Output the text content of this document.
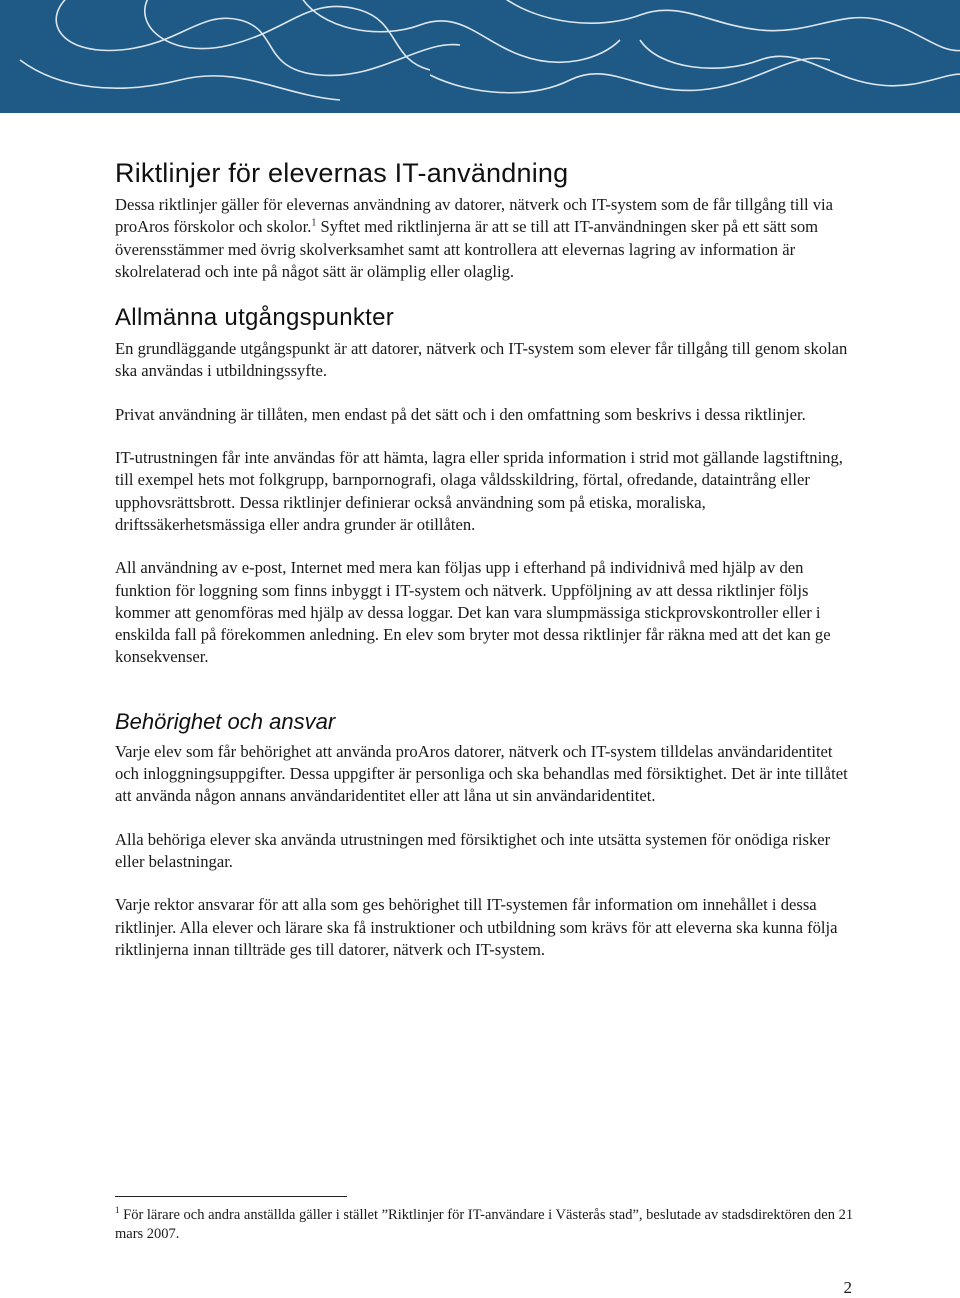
Riktlinjer för elevernas IT-användning

Dessa riktlinjer gäller för elevernas användning av datorer, nätverk och IT-system som de får tillgång till via proAros förskolor och skolor.$^1$ Syftet med riktlinjerna är att se till att IT-användningen sker på ett sätt som överensstämmer med övrig skolverksamhet samt att kontrollera att elevernas lagring av information är skolrelaterad och inte på något sätt är olämplig eller olaglig.

Allmänna utgångspunkter

En grundläggande utgångspunkt är att datorer, nätverk och IT-system som elever får tillgång till genom skolan ska användas i utbildningssyfte.

Privat användning är tillåten, men endast på det sätt och i den omfattning som beskrivs i dessa riktlinjer.

IT-utrustningen får inte användas för att hämta, lagra eller sprida information i strid mot gällande lagstiftning, till exempel hets mot folkgrupp, barnpornografi, olaga våldsskildring, förtal, ofredande, dataintrång eller upphovsrättsbrott. Dessa riktlinjer definierar också användning som på etiska, moraliska, driftssäkerhetsmässiga eller andra grunder är otillåten.

All användning av e-post, Internet med mera kan följas upp i efterhand på individnivå med hjälp av den funktion för loggning som finns inbyggt i IT-system och nätverk. Uppföljning av att dessa riktlinjer följs kommer att genomföras med hjälp av dessa loggar. Det kan vara slumpmässiga stickprovskontroller eller i enskilda fall på förekommen anledning. En elev som bryter mot dessa riktlinjer får räkna med att det kan ge konsekvenser.

Behörighet och ansvar

Varje elev som får behörighet att använda proAros datorer, nätverk och IT-system tilldelas användaridentitet och inloggningsuppgifter. Dessa uppgifter är personliga och ska behandlas med försiktighet. Det är inte tillåtet att använda någon annans användaridentitet eller att låna ut sin användaridentitet.

Alla behöriga elever ska använda utrustningen med försiktighet och inte utsätta systemen för onödiga risker eller belastningar.

Varje rektor ansvarar för att alla som ges behörighet till IT-systemen får information om innehållet i dessa riktlinjer. Alla elever och lärare ska få instruktioner och utbildning som krävs för att eleverna ska kunna följa riktlinjerna innan tillträde ges till datorer, nätverk och IT-system.

$^1$ För lärare och andra anställda gäller i stället ”Riktlinjer för IT-användare i Västerås stad”, beslutade av stadsdirektören den 21 mars 2007.
2
